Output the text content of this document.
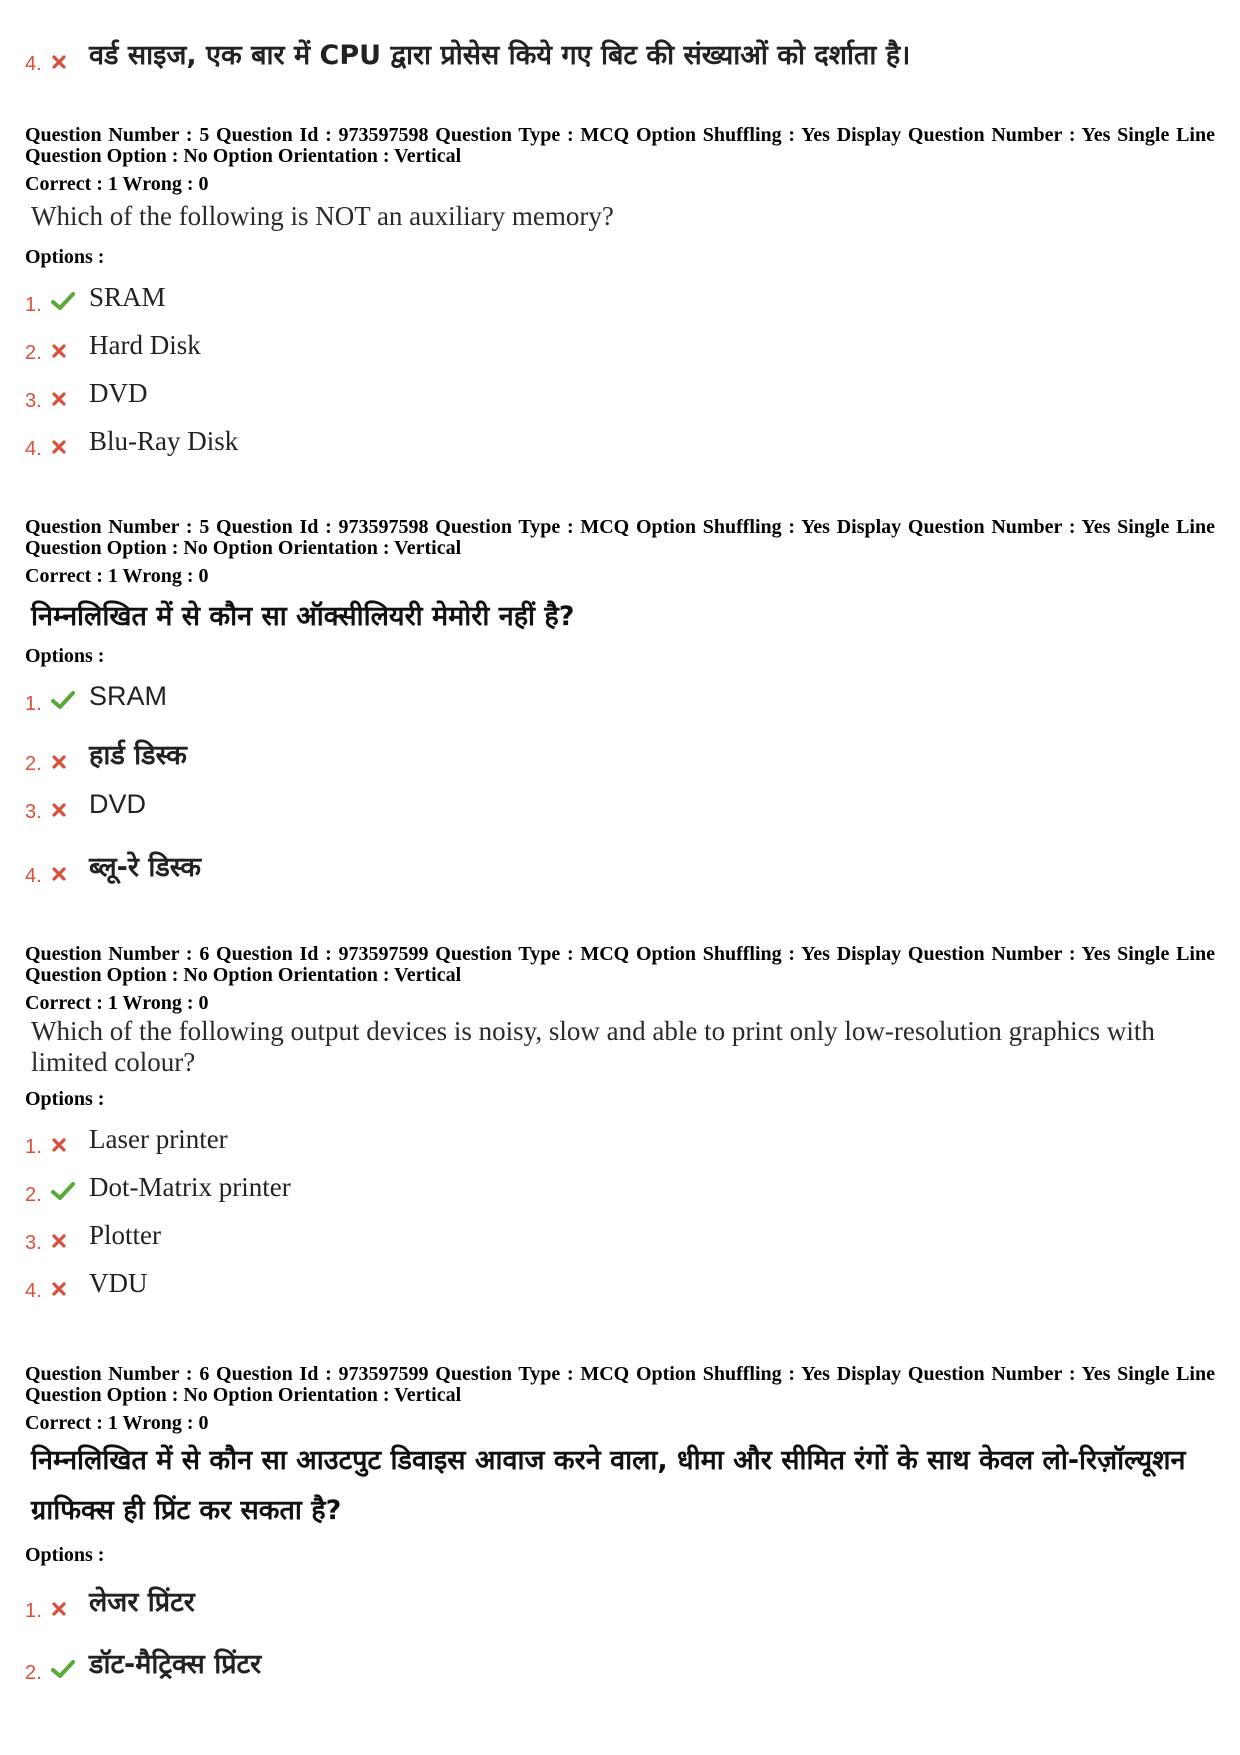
4.	वर्ड साइज, एक बार में CPU द्वारा प्रोसेस किये गए बिट की संख्याओं को दर्शाता है।

Question Number : 5 Question Id : 973597598 Question Type : MCQ Option Shuffling : Yes Display Question Number : Yes Single Line Question Option : No Option Orientation : Vertical

Correct : 1 Wrong : 0

Which of the following is NOT an auxiliary memory?

Options :

1.	SRAM
2.	Hard Disk
3.	DVD
4.	Blu-Ray Disk

Question Number : 5 Question Id : 973597598 Question Type : MCQ Option Shuffling : Yes Display Question Number : Yes Single Line Question Option : No Option Orientation : Vertical

Correct : 1 Wrong : 0

निम्नलिखित में से कौन सा ऑक्सीलियरी मेमोरी नहीं है?

Options :

1.	SRAM
2.	हार्ड डिस्क
3.	DVD
4.	ब्लू-रे डिस्क

Question Number : 6 Question Id : 973597599 Question Type : MCQ Option Shuffling : Yes Display Question Number : Yes Single Line Question Option : No Option Orientation : Vertical

Correct : 1 Wrong : 0

Which of the following output devices is noisy, slow and able to print only low-resolution graphics with limited colour?

Options :

1.	Laser printer
2.	Dot-Matrix printer
3.	Plotter
4.	VDU

Question Number : 6 Question Id : 973597599 Question Type : MCQ Option Shuffling : Yes Display Question Number : Yes Single Line Question Option : No Option Orientation : Vertical

Correct : 1 Wrong : 0

निम्नलिखित में से कौन सा आउटपुट डिवाइस आवाज करने वाला, धीमा और सीमित रंगों के साथ केवल लो-रिज़ॉल्यूशन ग्राफिक्स ही प्रिंट कर सकता है?

Options :

1.	लेजर प्रिंटर
2.	डॉट-मैट्रिक्स प्रिंटर
